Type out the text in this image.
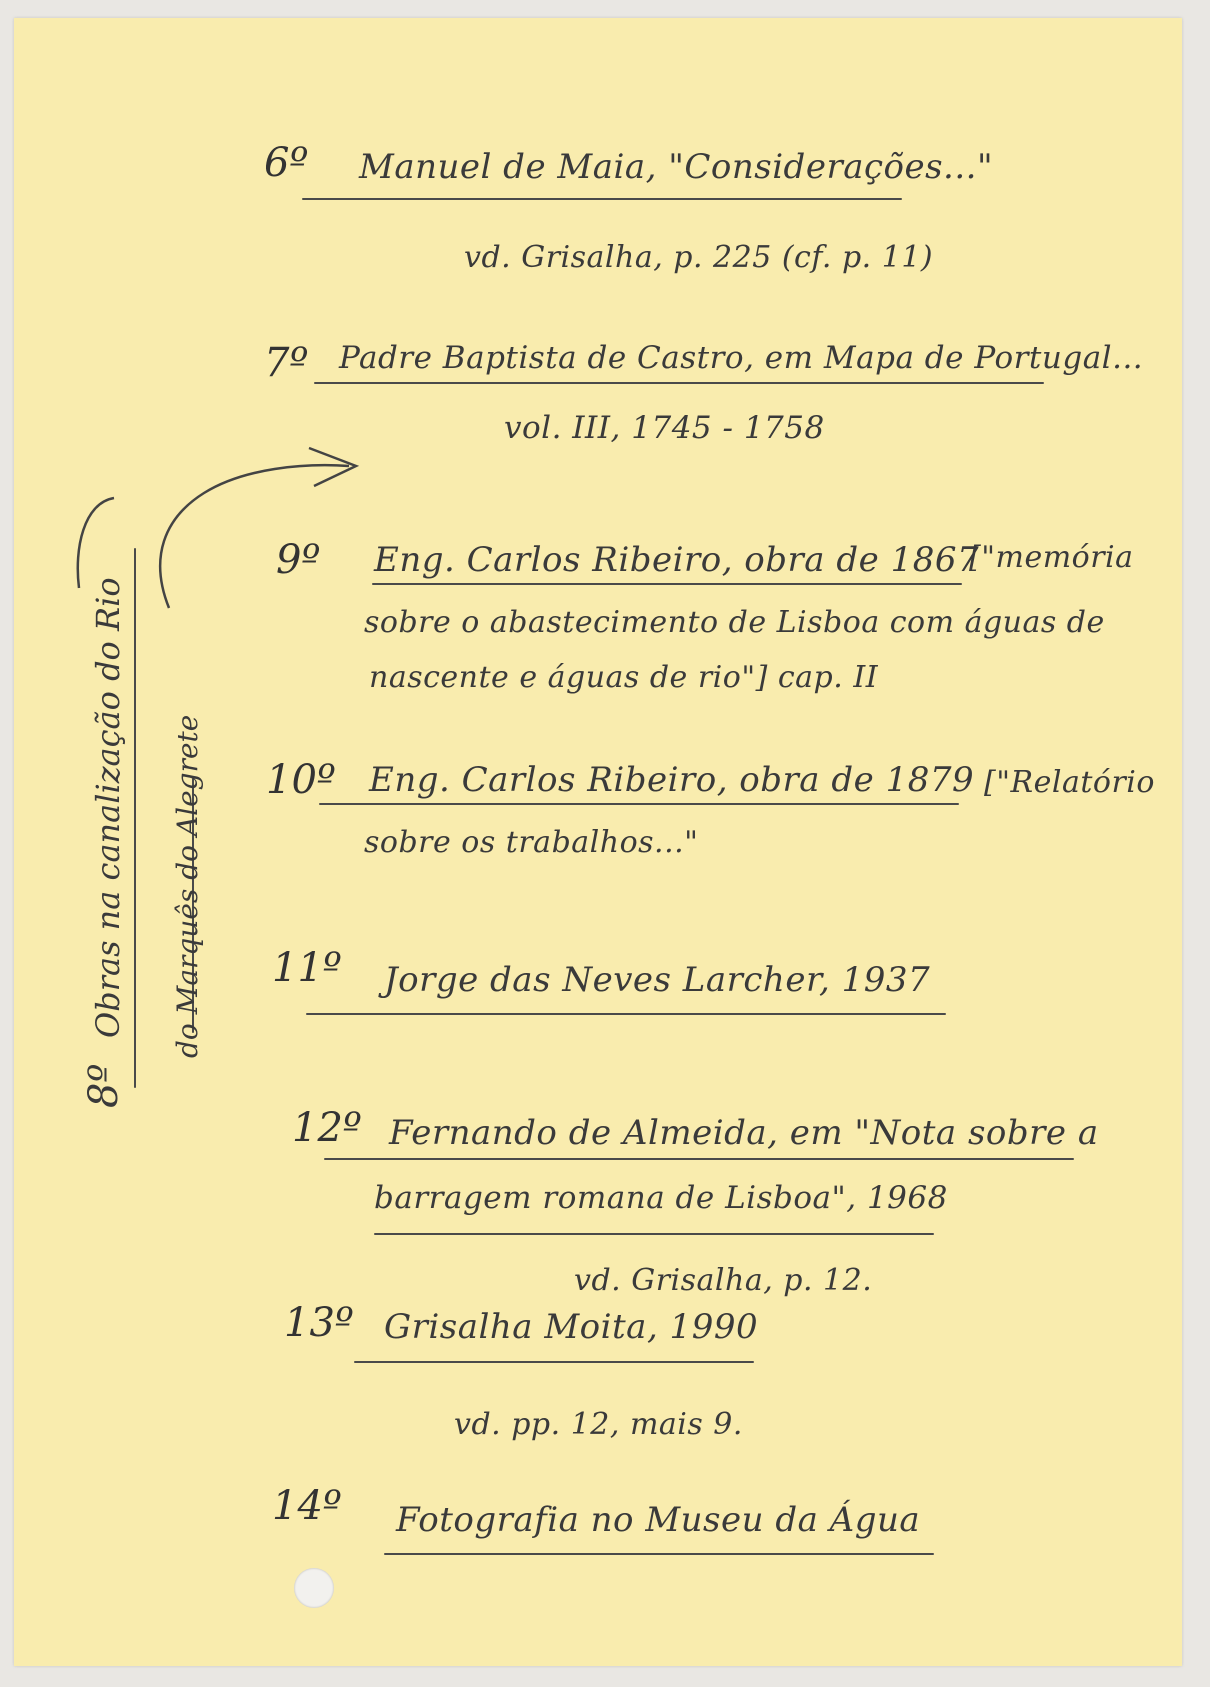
6º Manuel de Maia, "Considerações..."
vd. Grisalha, p. 225 (cf. p. 11)
7º Padre Baptista de Castro, em Mapa de Portugal...
vol. III, 1745 - 1758
8º
Obras na canalização do Rio do Marquês do Alegrete
9º Eng. Carlos Ribeiro, obra de 1867
["memória
sobre o abastecimento de Lisboa com águas de
nascente e águas de rio"] cap. II
10º Eng. Carlos Ribeiro, obra de 1879 ["Relatório
sobre os trabalhos..."
11º Jorge das Neves Larcher, 1937
12º Fernando de Almeida, em "Nota sobre a
barragem romana de Lisboa", 1968
vd. Grisalha, p. 12.
13º Grisalha Moita, 1990
vd. pp. 12, mais 9.
14º Fotografia no Museu da Água
